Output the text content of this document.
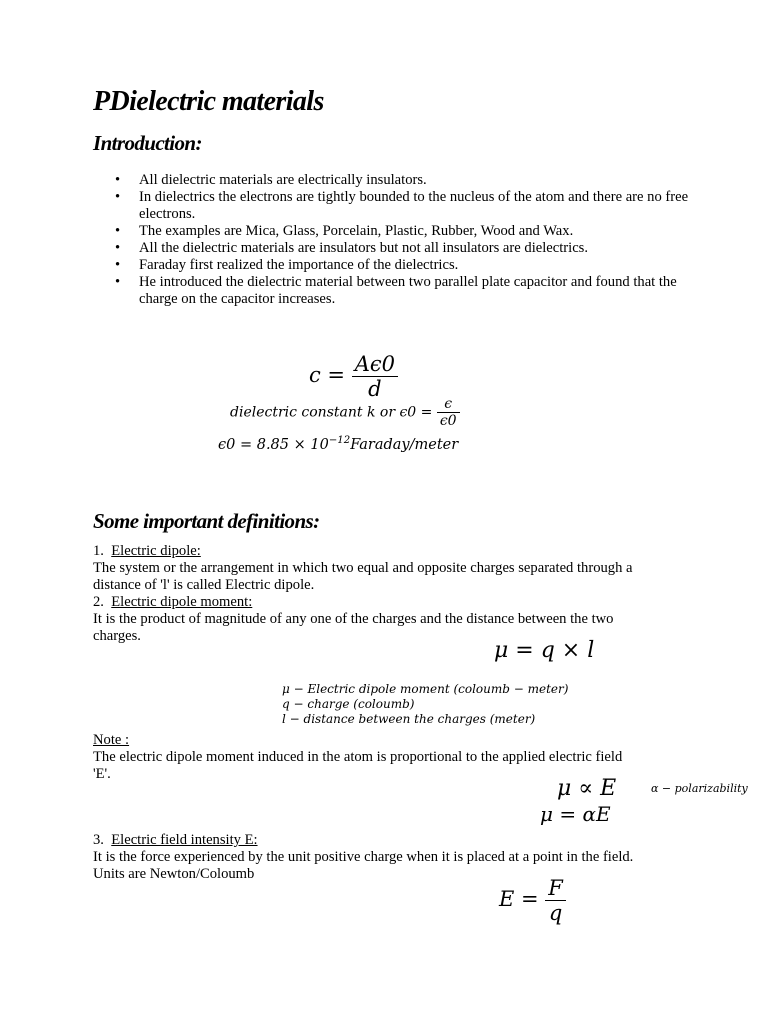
PDielectric materials
Introduction:
• All dielectric materials are electrically insulators.
• In dielectrics the electrons are tightly bounded to the nucleus of the atom and there are no free electrons.
• The examples are Mica, Glass, Porcelain, Plastic, Rubber, Wood and Wax.
• All the dielectric materials are insulators but not all insulators are dielectrics.
• Faraday first realized the importance of the dielectrics.
• He introduced the dielectric material between two parallel plate capacitor and found that the charge on the capacitor increases.
$c = \frac{A\epsilon 0}{d}$
dielectric constant k or $\epsilon 0 = \frac{\epsilon}{\epsilon 0}$
$\epsilon 0 = 8.85 \times 10^{-12}Faraday$/meter
Some important definitions:
1. Electric dipole:
The system or the arrangement in which two equal and opposite charges separated through a
distance of 'l' is called Electric dipole.
2. Electric dipole moment:
It is the product of magnitude of any one of the charges and the distance between the two
charges.
μ = q × l
μ − Electric dipole moment (coloumb − meter)
q − charge (coloumb)
l − distance between the charges (meter)
Note :
The electric dipole moment induced in the atom is proportional to the applied electric field
'E'.
μ ∝ E	α − polarizability
μ = αE
3. Electric field intensity E:
It is the force experienced by the unit positive charge when it is placed at a point in the field.
Units are Newton/Coloumb
$E = \frac{F}{q}$
